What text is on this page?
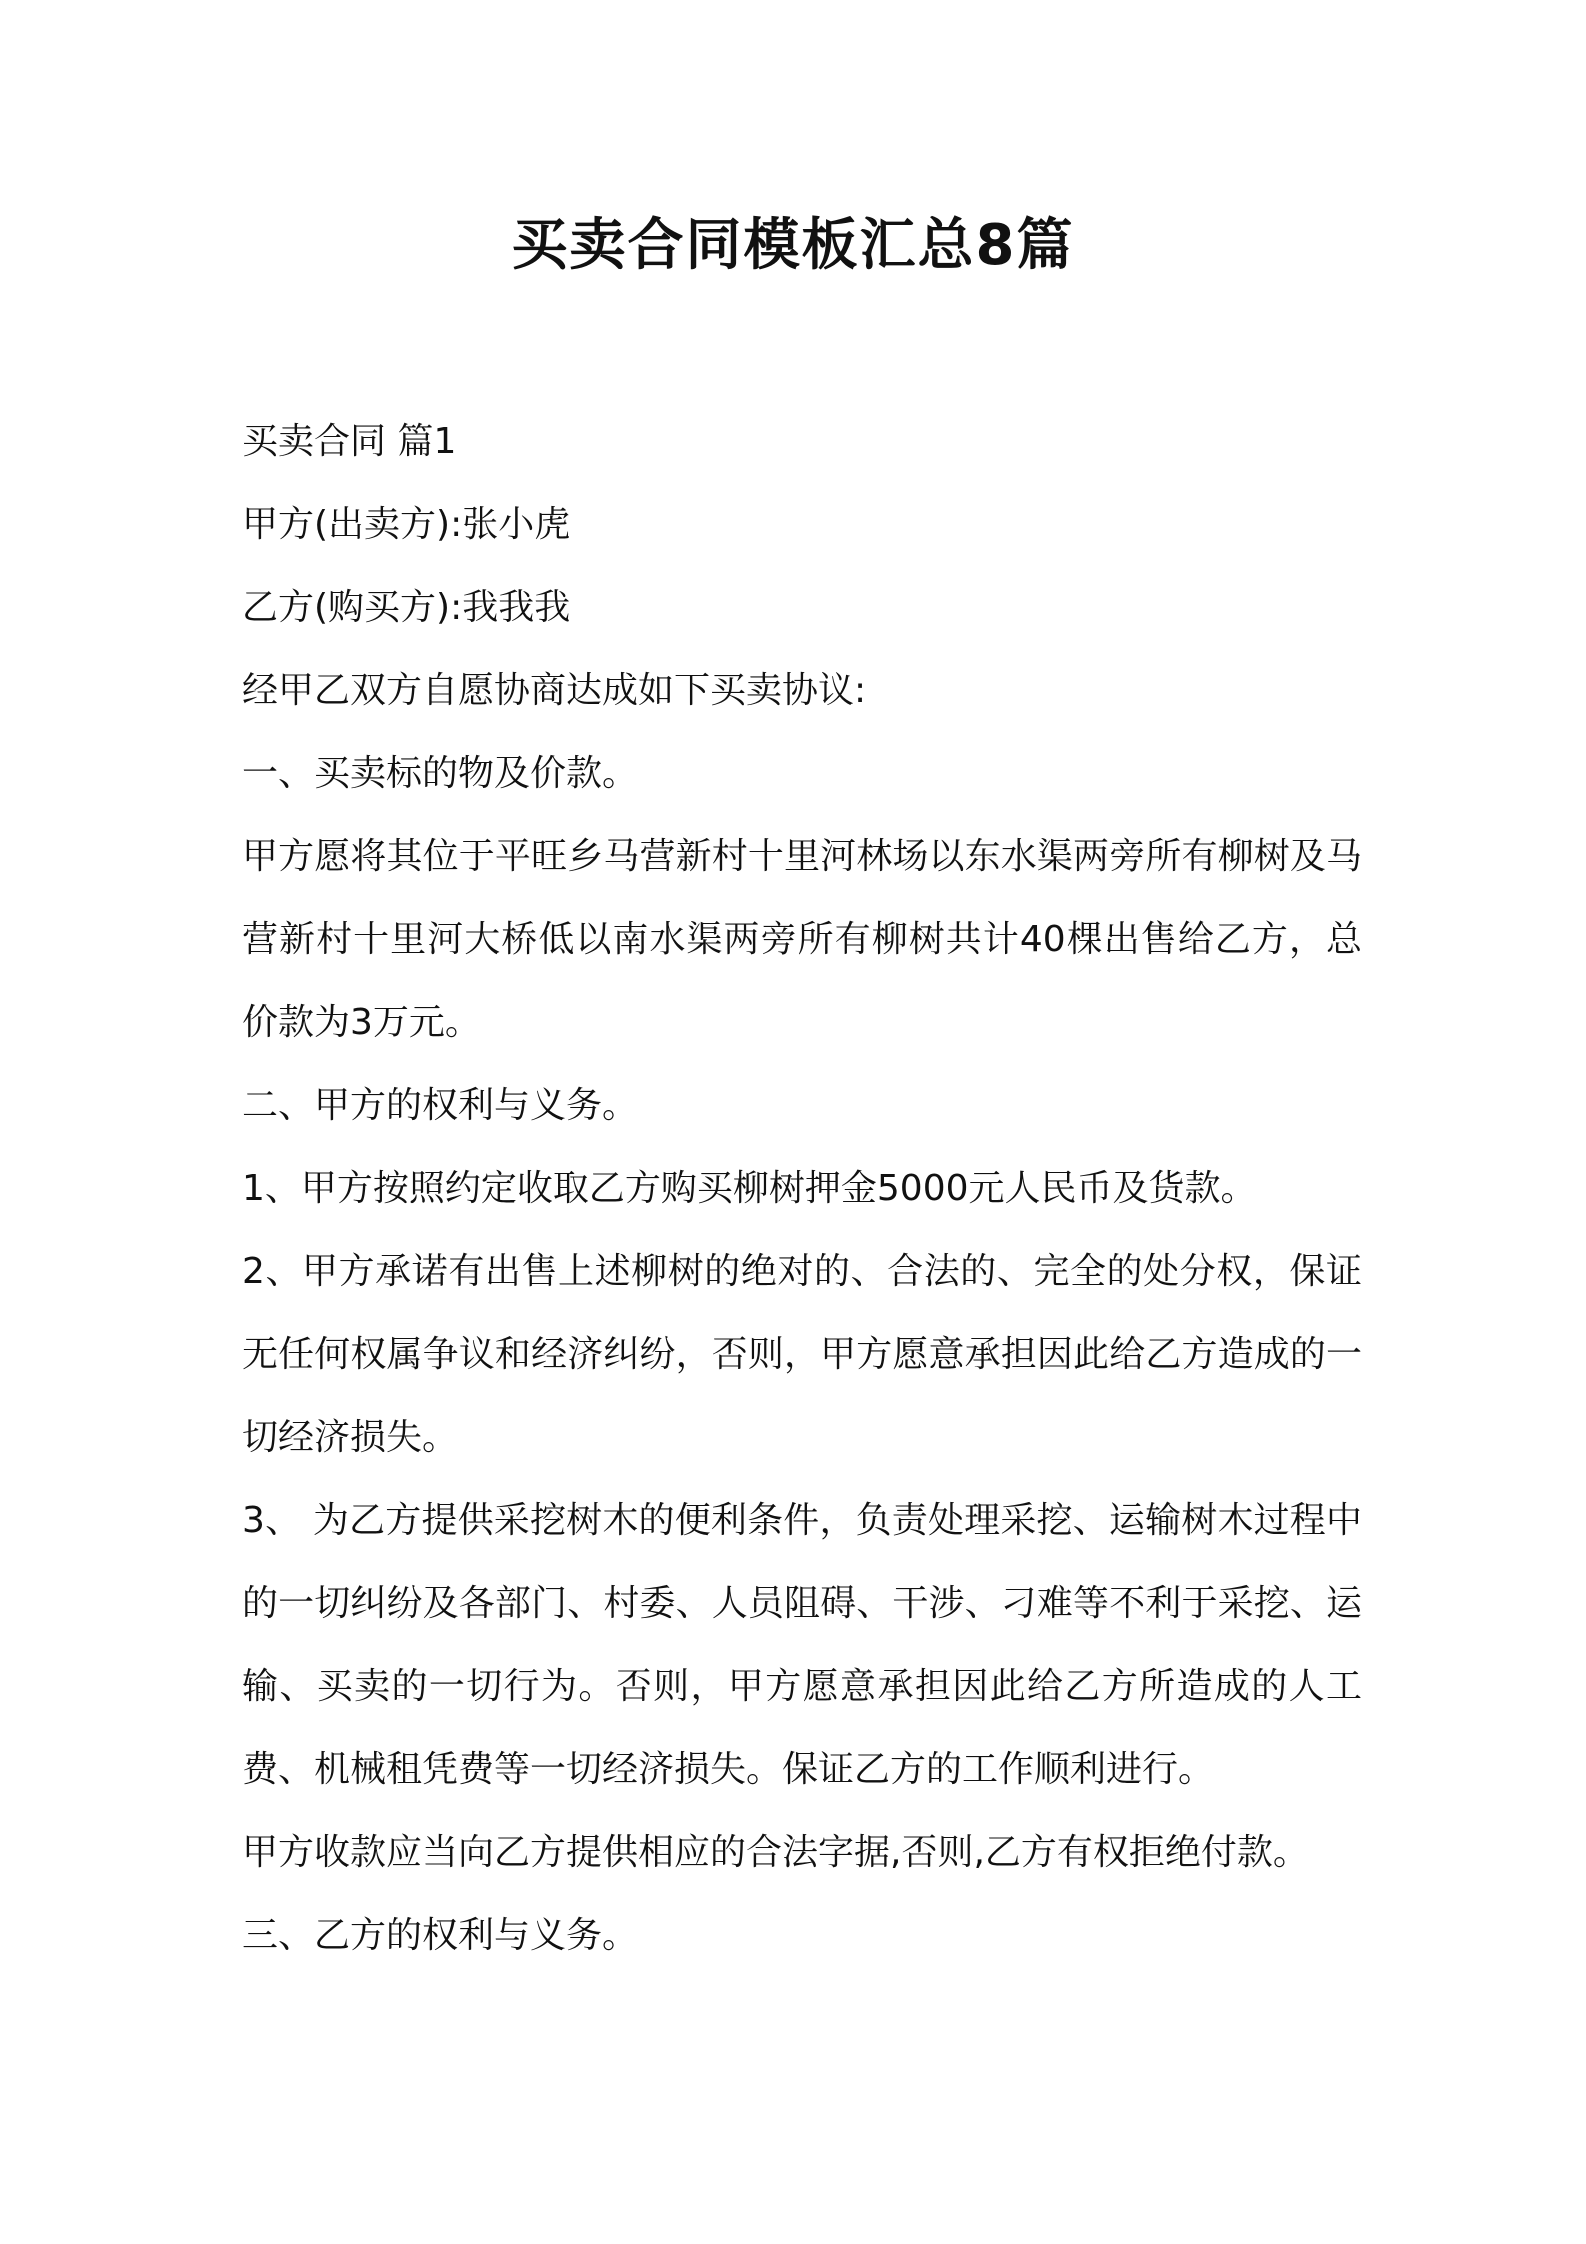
买卖合同模板汇总8篇

买卖合同 篇1

甲方(出卖方):张小虎

乙方(购买方):我我我

经甲乙双方自愿协商达成如下买卖协议:

一、买卖标的物及价款。

甲方愿将其位于平旺乡马营新村十里河林场以东水渠两旁所有柳树及马营新村十里河大桥低以南水渠两旁所有柳树共计40棵出售给乙方，总价款为3万元。

二、甲方的权利与义务。

1、甲方按照约定收取乙方购买柳树押金5000元人民币及货款。

2、甲方承诺有出售上述柳树的绝对的、合法的、完全的处分权，保证无任何权属争议和经济纠纷，否则，甲方愿意承担因此给乙方造成的一切经济损失。

3、 为乙方提供采挖树木的便利条件，负责处理采挖、运输树木过程中的一切纠纷及各部门、村委、人员阻碍、干涉、刁难等不利于采挖、运输、买卖的一切行为。否则，甲方愿意承担因此给乙方所造成的人工费、机械租凭费等一切经济损失。保证乙方的工作顺利进行。

甲方收款应当向乙方提供相应的合法字据,否则,乙方有权拒绝付款。

三、乙方的权利与义务。
